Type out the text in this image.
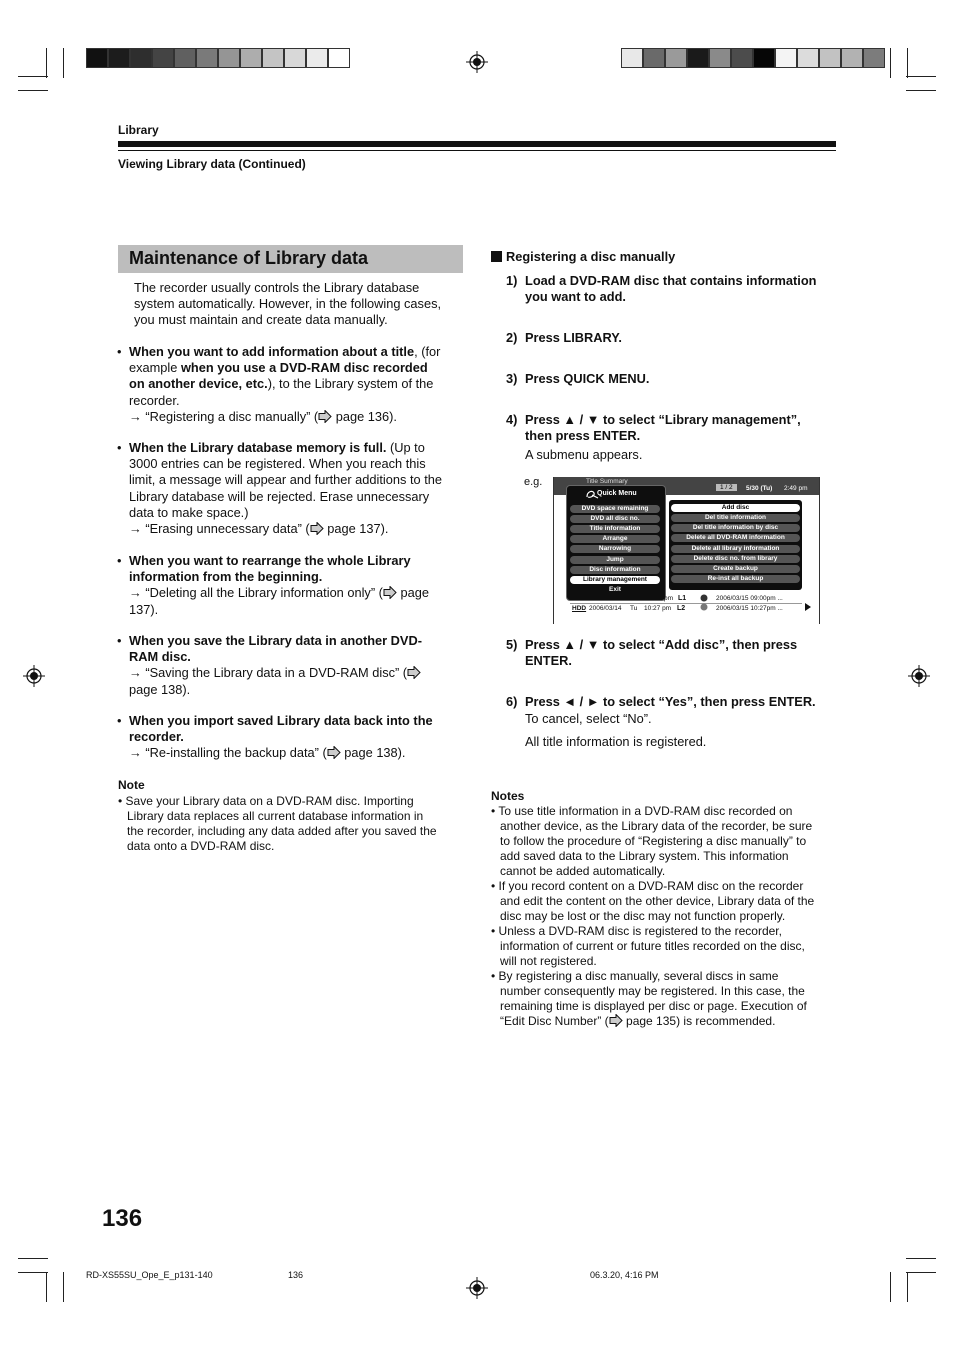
Library
Viewing Library data (Continued)
Maintenance of Library data
The recorder usually controls the Library database
system automatically. However, in the following cases,
you must maintain and create data manually.
• When you want to add information about a title, (for
example when you use a DVD-RAM disc recorded
on another device, etc.), to the Library system of the
recorder.
→ “Registering a disc manually” ( page 136).
• When the Library database memory is full. (Up to
3000 entries can be registered. When you reach this
limit, a message will appear and further additions to the
Library database will be rejected. Erase unnecessary
data to make space.)
→ “Erasing unnecessary data” ( page 137).
• When you want to rearrange the whole Library
information from the beginning.
→ “Deleting all the Library information only” ( page
137).
• When you save the Library data in another DVD-
RAM disc.
→ “Saving the Library data in a DVD-RAM disc” (
page 138).
• When you import saved Library data back into the
recorder.
→ “Re-installing the backup data” ( page 138).
Note
• Save your Library data on a DVD-RAM disc. Importing
Library data replaces all current database information in
the recorder, including any data added after you saved the
data onto a DVD-RAM disc.
Registering a disc manually
1) Load a DVD-RAM disc that contains information
you want to add.
2) Press LIBRARY.
3) Press QUICK MENU.
4) Press ▲ / ▼ to select “Library management”,
then press ENTER.
A submenu appears.
e.g.	Title Summary
1 / 2	5/30 (Tu) 2:49 pm
Quick Menu
DVD space remaining
DVD all disc no.
Title information
Arrange
Narrowing
Jump
Disc information
Library management
Exit
Add disc
Del title information
Del title information by disc
Delete all DVD-RAM information
Delete all library information
Delete disc no. from library
Create backup
Re-inst all backup
pm L1	2006/03/15 09:00pm ...
HDD 2006/03/14 Tu 10:27 pm L2	2006/03/15 10:27pm ...
5) Press ▲ / ▼ to select “Add disc”, then press
ENTER.
6) Press ◄ / ► to select “Yes”, then press ENTER.
To cancel, select “No”.
All title information is registered.
Notes
• To use title information in a DVD-RAM disc recorded on
another device, as the Library data of the recorder, be sure
to follow the procedure of “Registering a disc manually” to
add saved data to the Library system. This information
cannot be added automatically.
• If you record content on a DVD-RAM disc on the recorder
and edit the content on the other device, Library data of the
disc may be lost or the disc may not function properly.
• Unless a DVD-RAM disc is registered to the recorder,
information of current or future titles recorded on the disc,
will not registered.
• By registering a disc manually, several discs in same
number consequently may be registered. In this case, the
remaining time is displayed per disc or page. Execution of
“Edit Disc Number” ( page 135) is recommended.
136
RD-XS55SU_Ope_E_p131-140	136	06.3.20, 4:16 PM
